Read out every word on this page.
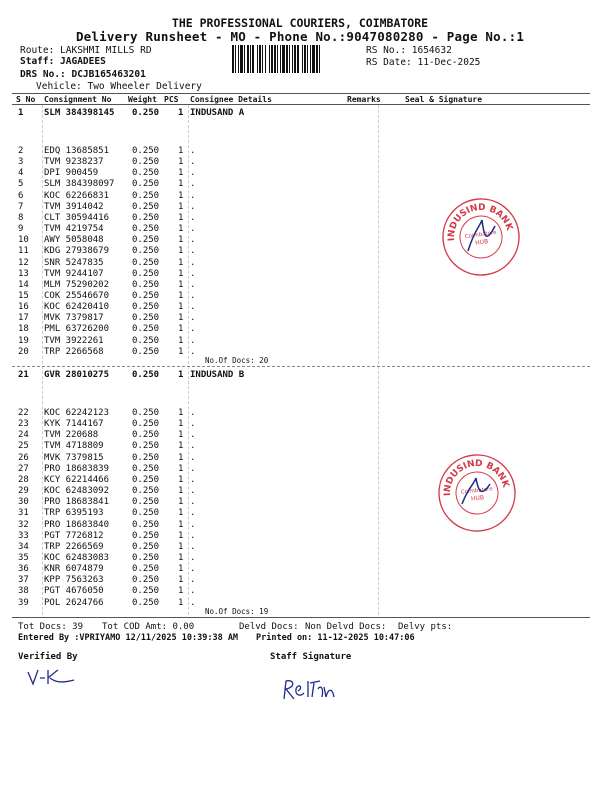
THE PROFESSIONAL COURIERS, COIMBATORE
Delivery Runsheet - MO - Phone No.:9047080280 - Page No.:1
Route: LAKSHMI MILLS RD
Staff: JAGADEES
DRS No.: DCJB165463201
Vehicle: Two Wheeler Delivery
RS No.: 1654632
RS Date: 11-Dec-2025
S No Consignment No Weight PCS Consignee Details	Remarks	Seal & Signature
1 SLM 384398145 0.250 1 INDUSAND A
2 EDQ 13685851	0.250 1 .
3 TVM 9238237	0.250 1 .
4 DPI 900459	0.250 1 .
5 SLM 384398097 0.250 1 .
6 KOC 62266831	0.250 1 .
7 TVM 3914042	0.250 1 .
8 CLT 30594416	0.250 1 .
9 TVM 4219754	0.250 1 .
10 AWY 5058048	0.250 1 .
11 KDG 27938679	0.250 1 .
12 SNR 5247835	0.250 1 .
13 TVM 9244107	0.250 1 .
14 MLM 75290202	0.250 1 .
15 COK 25546670	0.250 1 .
16 KOC 62420410	0.250 1 .
17 MVK 7379817	0.250 1 .
18 PML 63726200	0.250 1 .
19 TVM 3922261	0.250 1 .
20 TRP 2266568	0.250 1 .
No.Of Docs: 20
21 GVR 28010275	0.250 1 INDUSAND B
22 KOC 62242123	0.250 1 .
23 KYK 7144167	0.250 1 .
24 TVM 220688	0.250 1 .
25 TVM 4718809	0.250 1 .
26 MVK 7379815	0.250 1 .
27 PRO 18683839	0.250 1 .
28 KCY 62214466	0.250 1 .
29 KOC 62483092	0.250 1 .
30 PRO 18683841	0.250 1 .
31 TRP 6395193	0.250 1 .
32 PRO 18683840	0.250 1 .
33 PGT 7726812	0.250 1 .
34 TRP 2266569	0.250 1 .
35 KOC 62483083	0.250 1 .
36 KNR 6074879	0.250 1 .
37 KPP 7563263	0.250 1 .
38 PGT 4676050	0.250 1 .
39 POL 2624766	0.250 1 .
No.Of Docs: 19
INDUSIND BANK
Coimbatore
HUB
INDUSIND BANK
Coimbatore
HUB
Tot Docs: 39 Tot COD Amt: 0.00	Delvd Docs: Non Delvd Docs: Delvy pts:
Entered By :VPRIYAMO 12/11/2025 10:39:38 AM Printed on: 11-12-2025 10:47:06
Verified By	Staff Signature
